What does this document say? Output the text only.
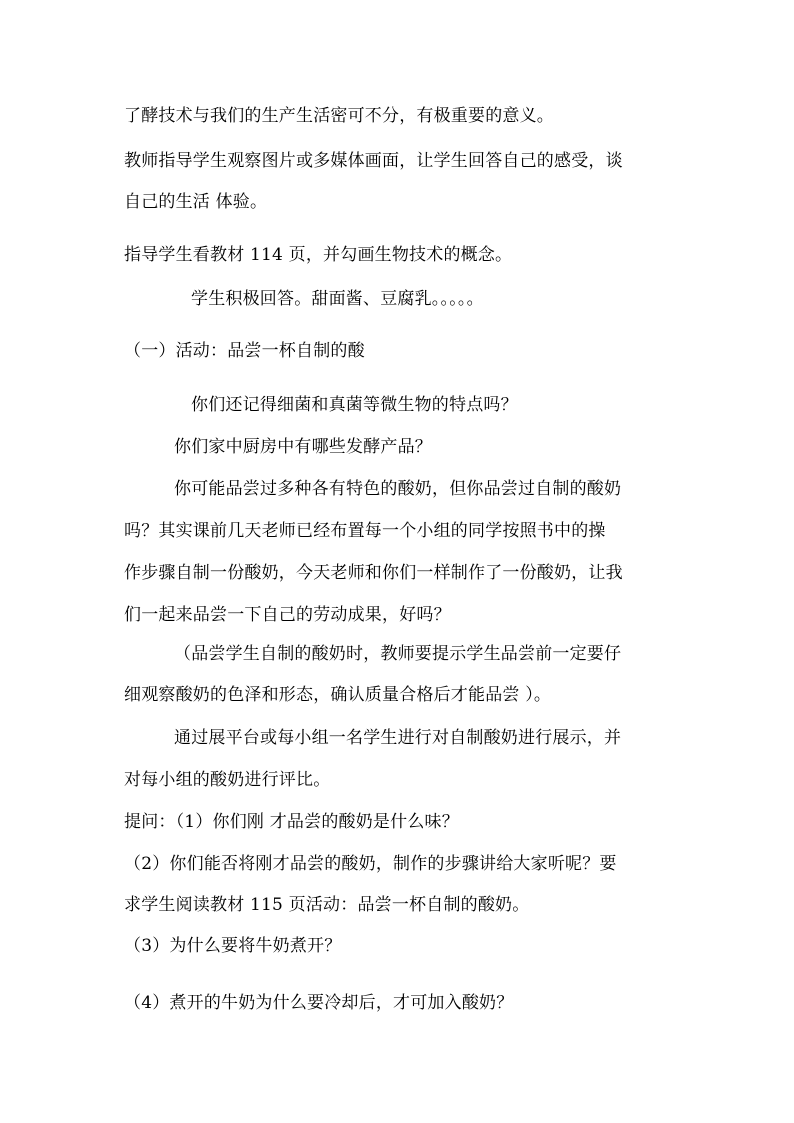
了酵技术与我们的生产生活密可不分，有极重要的意义。
教师指导学生观察图片或多媒体画面，让学生回答自己的感受，谈
自己的生活 体验。
指导学生看教材 114 页，并勾画生物技术的概念。
学生积极回答。甜面酱、豆腐乳。。。。。
（一）活动：品尝一杯自制的酸
你们还记得细菌和真菌等微生物的特点吗？
你们家中厨房中有哪些发酵产品？
你可能品尝过多种各有特色的酸奶，但你品尝过自制的酸奶
吗？其实课前几天老师已经布置每一个小组的同学按照书中的操
作步骤自制一份酸奶，今天老师和你们一样制作了一份酸奶，让我
们一起来品尝一下自己的劳动成果，好吗？
（品尝学生自制的酸奶时，教师要提示学生品尝前一定要仔
细观察酸奶的色泽和形态，确认质量合格后才能品尝 ）。
通过展平台或每小组一名学生进行对自制酸奶进行展示，并
对每小组的酸奶进行评比。
提问：（1）你们刚 才品尝的酸奶是什么味？
（2）你们能否将刚才品尝的酸奶，制作的步骤讲给大家听呢？要
求学生阅读教材 115 页活动：品尝一杯自制的酸奶。
（3）为什么要将牛奶煮开？
（4）煮开的牛奶为什么要冷却后，才可加入酸奶？
